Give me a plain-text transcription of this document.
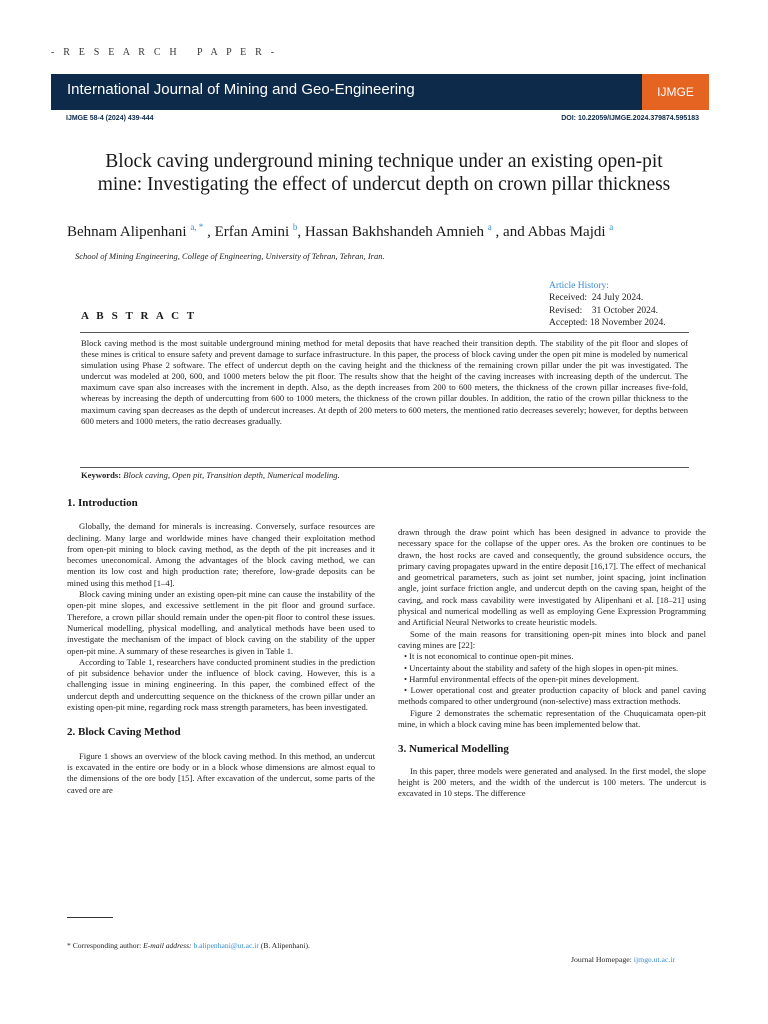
- R E S E A R C H   P A P E R -
International Journal of Mining and Geo-Engineering	IJMGE
IJMGE 58-4 (2024) 439-444	DOI: 10.22059/IJMGE.2024.379874.595183
Block caving underground mining technique under an existing open-pit
mine: Investigating the effect of undercut depth on crown pillar thickness
Behnam Alipenhani $^{a, *}$ , Erfan Amini $^b$, Hassan Bakhshandeh Amnieh $^a$ , and Abbas Majdi $^a$
School of Mining Engineering, College of Engineering, University of Tehran, Tehran, Iran.
Article History:
Received:  24 July 2024.
Revised:    31 October 2024.
Accepted: 18 November 2024.
A B S T R A C T
Block caving method is the most suitable underground mining method for metal deposits that have reached their transition depth. The stability of the pit floor and slopes of these mines is critical to ensure safety and prevent damage to surface infrastructure. In this paper, the process of block caving under the open pit mine is modeled by numerical simulation using Phase 2 software. The effect of undercut depth on the caving height and the thickness of the remaining crown pillar under the pit was investigated. The undercut was modeled at 200, 600, and 1000 meters below the pit floor. The results show that the height of the caving increases with increasing depth of the undercut. The maximum cave span also increases with the increment in depth. Also, as the depth increases from 200 to 600 meters, the thickness of the crown pillar increases five-fold, whereas by increasing the depth of undercutting from 600 to 1000 meters, the thickness of the crown pillar doubles. In addition, the ratio of the crown pillar thickness to the maximum caving span decreases as the depth of undercut increases. At depth of 200 meters to 600 meters, the mentioned ratio decreases severely; however, for depths between 600 meters and 1000 meters, the ratio decreases gradually.
Keywords: Block caving, Open pit, Transition depth, Numerical modeling.
1. Introduction

Globally, the demand for minerals is increasing. Conversely, surface resources are declining. Many large and worldwide mines have changed their exploitation method from open-pit mining to block caving method, as the depth of the pit increases and it becomes uneconomical. Among the advantages of the block caving method, we can mention its low cost and high production rate; therefore, low-grade deposits can be mined using this method [1–4].

Block caving mining under an existing open-pit mine can cause the instability of the open-pit mine slopes, and excessive settlement in the pit floor and ground surface. Therefore, a crown pillar should remain under the open-pit floor to control these issues. Numerical modelling, physical modelling, and analytical methods have been used to investigate the mechanism of the impact of block caving on the stability of the upper open-pit mine. A summary of these researches is given in Table 1.

According to Table 1, researchers have conducted prominent studies in the prediction of pit subsidence behavior under the influence of block caving. However, this is a challenging issue in mining engineering. In this paper, the combined effect of the undercut depth and undercutting sequence on the thickness of the crown pillar under an existing open-pit mine, regarding rock mass strength parameters, has been investigated.

2. Block Caving Method

Figure 1 shows an overview of the block caving method. In this method, an undercut is excavated in the entire ore body or in a block whose dimensions are almost equal to the dimensions of the ore body [15]. After excavation of the undercut, some parts of the caved ore are

drawn through the draw point which has been designed in advance to provide the necessary space for the collapse of the upper ores. As the broken ore continues to be drawn, the host rocks are caved and consequently, the ground subsidence occurs, the primary caving propagates upward in the entire deposit [16,17]. The effect of mechanical and geometrical parameters, such as joint set number, joint spacing, joint inclination angle, joint surface friction angle, and undercut depth on the caving span, height of the caving, and rock mass cavability were investigated by Alipenhani et al. [18–21] using physical and numerical modelling as well as employing Gene Expression Programming and Artificial Neural Networks to create heuristic models.

Some of the main reasons for transitioning open-pit mines into block and panel caving mines are [22]:

• It is not economical to continue open-pit mines.

• Uncertainty about the stability and safety of the high slopes in open-pit mines.

• Harmful environmental effects of the open-pit mines development.

• Lower operational cost and greater production capacity of block and panel caving methods compared to other underground (non-selective) mass extraction methods.

Figure 2 demonstrates the schematic representation of the Chuquicamata open-pit mine, in which a block caving mine has been implemented below that.

3. Numerical Modelling

In this paper, three models were generated and analysed. In the first model, the slope height is 200 meters, and the width of the undercut is 100 meters. The undercut is excavated in 10 steps. The difference

* Corresponding author: E-mail address: b.alipenhani@ut.ac.ir (B. Alipenhani).
Journal Homepage: ijmge.ut.ac.ir
